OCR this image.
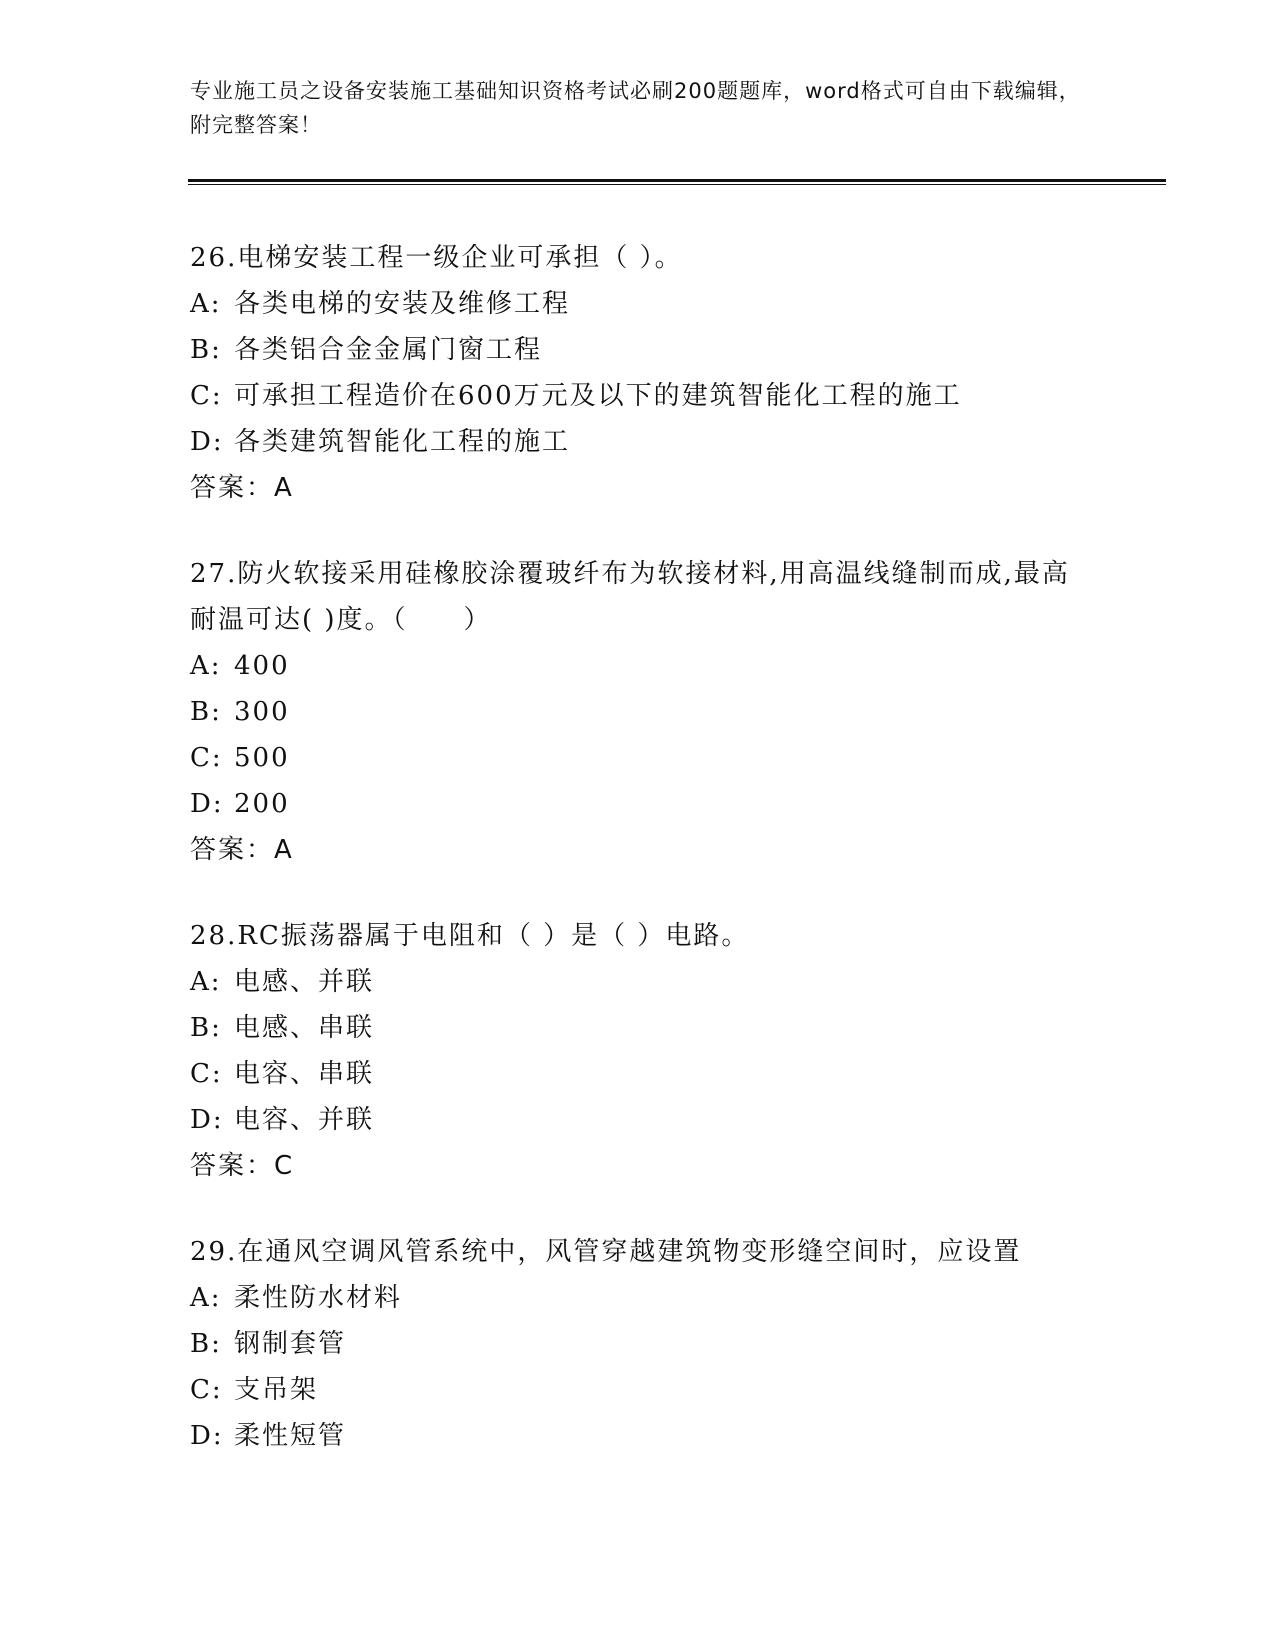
专业施工员之设备安装施工基础知识资格考试必刷200题题库，word格式可自由下载编辑，附完整答案！
26.电梯安装工程一级企业可承担（ ）。
A: 各类电梯的安装及维修工程
B: 各类铝合金金属门窗工程
C: 可承担工程造价在600万元及以下的建筑智能化工程的施工
D: 各类建筑智能化工程的施工
答案：A
27.防火软接采用硅橡胶涂覆玻纤布为软接材料,用高温线缝制而成,最高耐温可达( )度。（　　）
A: 400
B: 300
C: 500
D: 200
答案：A
28.RC振荡器属于电阻和（ ）是（ ）电路。
A: 电感、并联
B: 电感、串联
C: 电容、串联
D: 电容、并联
答案：C
29.在通风空调风管系统中，风管穿越建筑物变形缝空间时，应设置
A: 柔性防水材料
B: 钢制套管
C: 支吊架
D: 柔性短管
